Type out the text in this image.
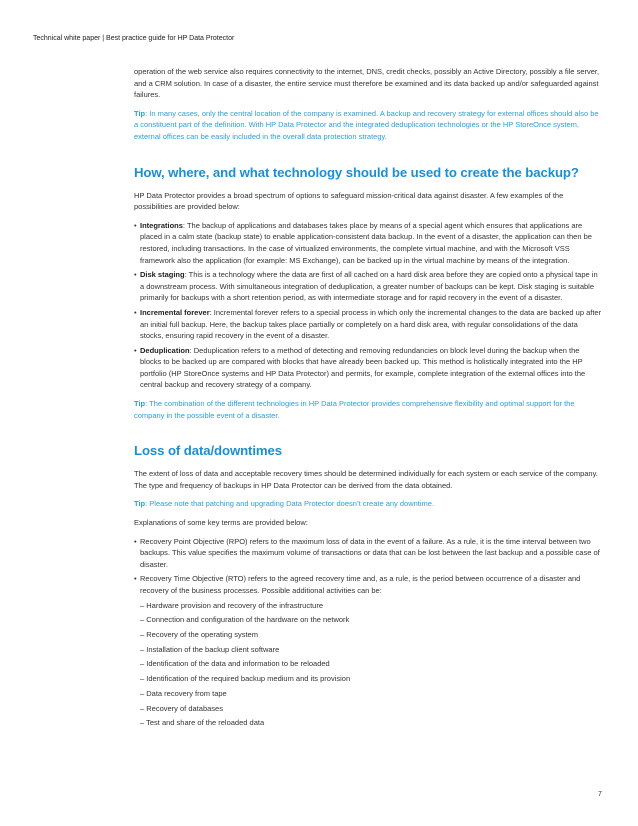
Technical white paper | Best practice guide for HP Data Protector

operation of the web service also requires connectivity to the internet, DNS, credit checks, possibly an Active Directory, possibly a file server, and a CRM solution. In case of a disaster, the entire service must therefore be examined and its data backed up and/or safeguarded against failures.

Tip: In many cases, only the central location of the company is examined. A backup and recovery strategy for external offices should also be a constituent part of the definition. With HP Data Protector and the integrated deduplication technologies or the HP StoreOnce system, external offices can be easily included in the overall data protection strategy.

How, where, and what technology should be used to create the backup?

HP Data Protector provides a broad spectrum of options to safeguard mission-critical data against disaster. A few examples of the possibilities are provided below:

• Integrations: The backup of applications and databases takes place by means of a special agent which ensures that applications are placed in a calm state (backup state) to enable application-consistent data backup. In the event of a disaster, the application can then be restored, including transactions. In the case of virtualized environments, the complete virtual machine, and with the Microsoft VSS framework also the application (for example: MS Exchange), can be backed up in the virtual machine by means of the integration.
• Disk staging: This is a technology where the data are first of all cached on a hard disk area before they are copied onto a physical tape in a downstream process. With simultaneous integration of deduplication, a greater number of backups can be kept. Disk staging is suitable primarily for backups with a short retention period, as with intermediate storage and for rapid recovery in the event of a disaster.
• Incremental forever: Incremental forever refers to a special process in which only the incremental changes to the data are backed up after an initial full backup. Here, the backup takes place partially or completely on a hard disk area, with regular consolidations of the data stocks, ensuring rapid recovery in the event of a disaster.
• Deduplication: Deduplication refers to a method of detecting and removing redundancies on block level during the backup when the blocks to be backed up are compared with blocks that have already been backed up. This method is holistically integrated into the HP portfolio (HP StoreOnce systems and HP Data Protector) and permits, for example, complete integration of the external offices into the central backup and recovery strategy of a company.

Tip: The combination of the different technologies in HP Data Protector provides comprehensive flexibility and optimal support for the company in the possible event of a disaster.

Loss of data/downtimes

The extent of loss of data and acceptable recovery times should be determined individually for each system or each service of the company. The type and frequency of backups in HP Data Protector can be derived from the data obtained.

Tip: Please note that patching and upgrading Data Protector doesn’t create any downtime.

Explanations of some key terms are provided below:

• Recovery Point Objective (RPO) refers to the maximum loss of data in the event of a failure. As a rule, it is the time interval between two backups. This value specifies the maximum volume of transactions or data that can be lost between the last backup and a possible case of disaster.
• Recovery Time Objective (RTO) refers to the agreed recovery time and, as a rule, is the period between occurrence of a disaster and recovery of the business processes. Possible additional activities can be:
– Hardware provision and recovery of the infrastructure
– Connection and configuration of the hardware on the network
– Recovery of the operating system
– Installation of the backup client software
– Identification of the data and information to be reloaded
– Identification of the required backup medium and its provision
– Data recovery from tape
– Recovery of databases
– Test and share of the reloaded data
7
